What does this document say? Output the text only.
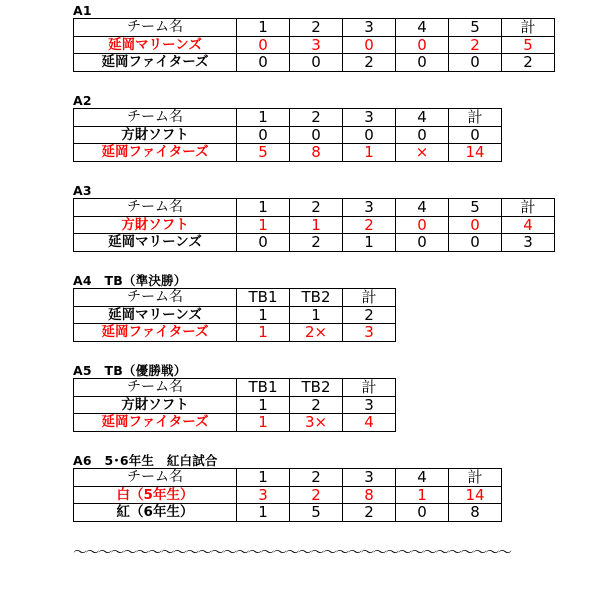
A1
チーム名	1	2	3	4	5	計
延岡マリーンズ	0	3	0	0	2	5
延岡ファイターズ	0	0	2	0	0	2
A2
チーム名	1	2	3	4	計
方財ソフト	0	0	0	0	0
延岡ファイターズ	5	8	1	×	14
A3
チーム名	1	2	3	4	5	計
方財ソフト	1	1	2	0	0	4
延岡マリーンズ	0	2	1	0	0	3
A4　TB（準決勝）
チーム名	TB1	TB2	計
延岡マリーンズ	1	1	2
延岡ファイターズ	1	2×	3
A5　TB（優勝戦）
チーム名	TB1	TB2	計
方財ソフト	1	2	3
延岡ファイターズ	1	3×	4
A6　5･6年生　紅白試合
チーム名	1	2	3	4	計
白（5年生）	3	2	8	1	14
紅（6年生）	1	5	2	0	8
～～～～～～～～～～～～～～～～～～～～～～～～～～～～～～～～～～～
